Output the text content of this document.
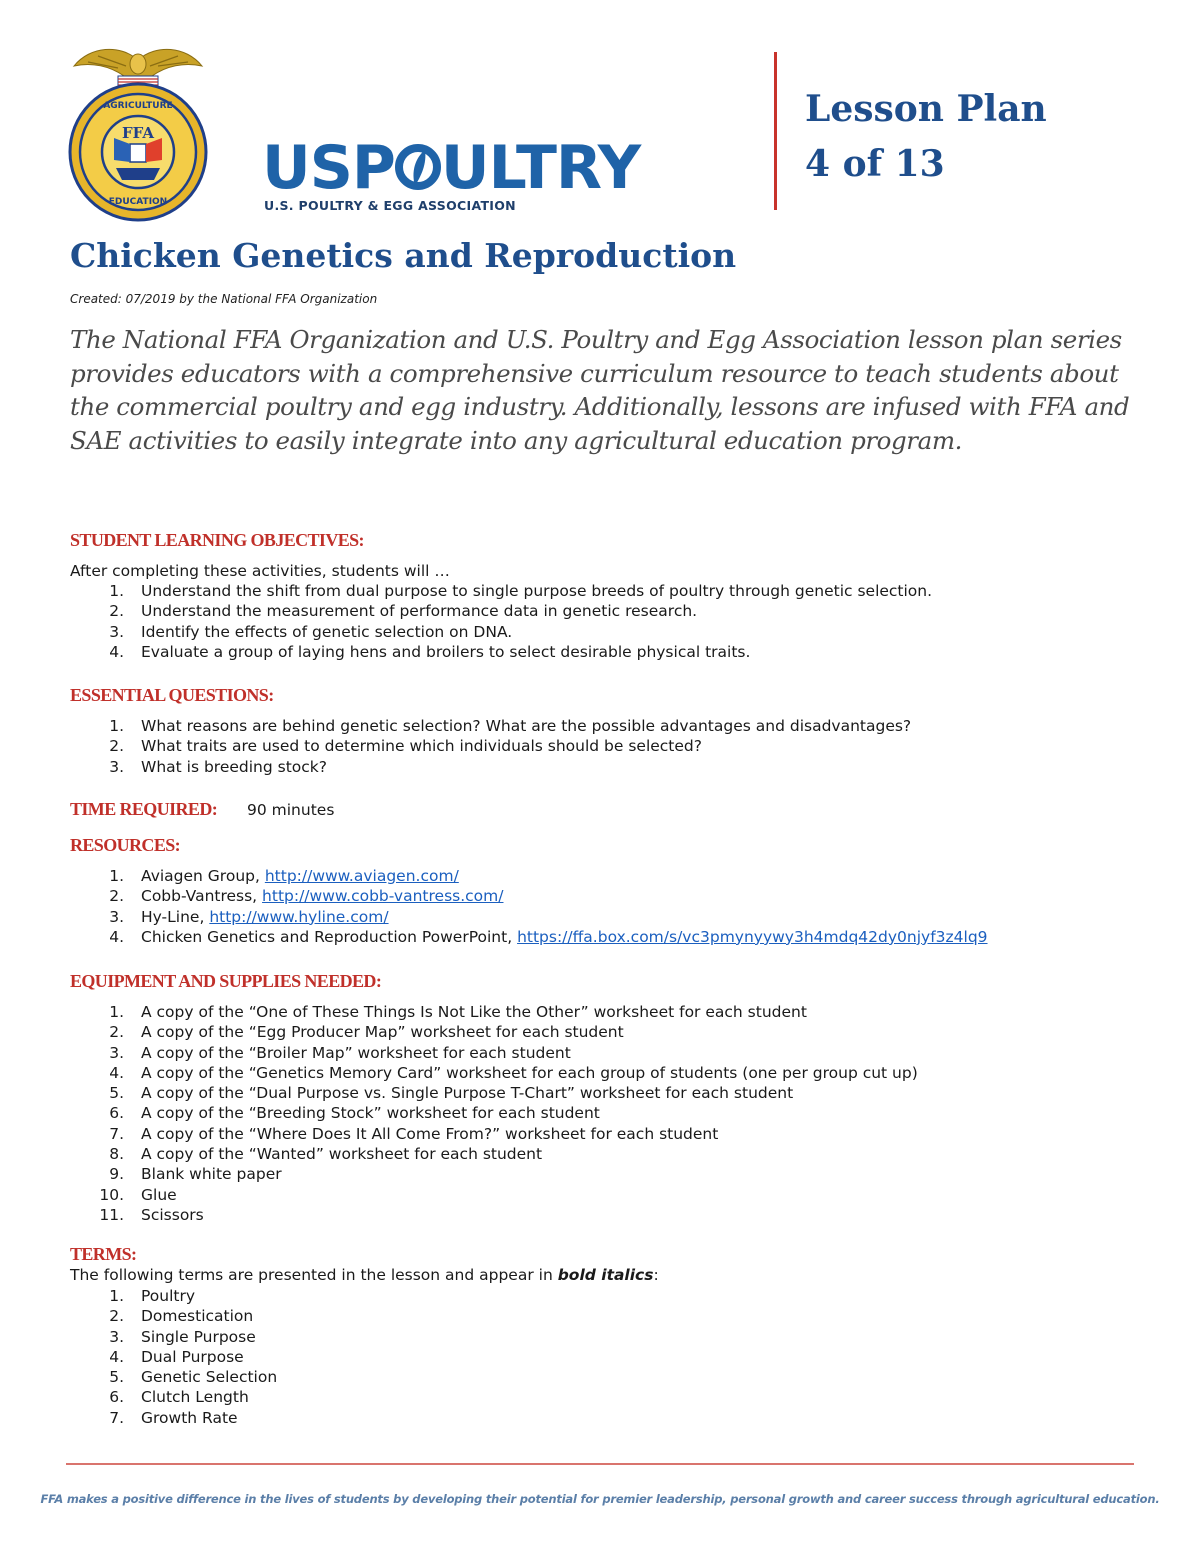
FFA
AGRICULTURE
EDUCATION USP ULTRY
U.S. POULTRY & EGG ASSOCIATION
Lesson Plan
4 of 13
Chicken Genetics and Reproduction
Created: 07/2019 by the National FFA Organization
The National FFA Organization and U.S. Poultry and Egg Association lesson plan series provides educators with a comprehensive curriculum resource to teach students about the commercial poultry and egg industry. Additionally, lessons are infused with FFA and SAE activities to easily integrate into any agricultural education program.
STUDENT LEARNING OBJECTIVES:
After completing these activities, students will …
1. Understand the shift from dual purpose to single purpose breeds of poultry through genetic selection.
2. Understand the measurement of performance data in genetic research.
3. Identify the effects of genetic selection on DNA.
4. Evaluate a group of laying hens and broilers to select desirable physical traits.
ESSENTIAL QUESTIONS:
1. What reasons are behind genetic selection? What are the possible advantages and disadvantages?
2. What traits are used to determine which individuals should be selected?
3. What is breeding stock?
TIME REQUIRED: 90 minutes
RESOURCES:
1. Aviagen Group, http://www.aviagen.com/
2. Cobb-Vantress, http://www.cobb-vantress.com/
3. Hy-Line, http://www.hyline.com/
4. Chicken Genetics and Reproduction PowerPoint, https://ffa.box.com/s/vc3pmynyywy3h4mdq42dy0njyf3z4lq9
EQUIPMENT AND SUPPLIES NEEDED:
1. A copy of the “One of These Things Is Not Like the Other” worksheet for each student
2. A copy of the “Egg Producer Map” worksheet for each student
3. A copy of the “Broiler Map” worksheet for each student
4. A copy of the “Genetics Memory Card” worksheet for each group of students (one per group cut up)
5. A copy of the “Dual Purpose vs. Single Purpose T-Chart” worksheet for each student
6. A copy of the “Breeding Stock” worksheet for each student
7. A copy of the “Where Does It All Come From?” worksheet for each student
8. A copy of the “Wanted” worksheet for each student
9. Blank white paper
10. Glue
11. Scissors
TERMS:
The following terms are presented in the lesson and appear in bold italics:
1. Poultry
2. Domestication
3. Single Purpose
4. Dual Purpose
5. Genetic Selection
6. Clutch Length
7. Growth Rate
FFA makes a positive difference in the lives of students by developing their potential for premier leadership, personal growth and career success through agricultural education.
